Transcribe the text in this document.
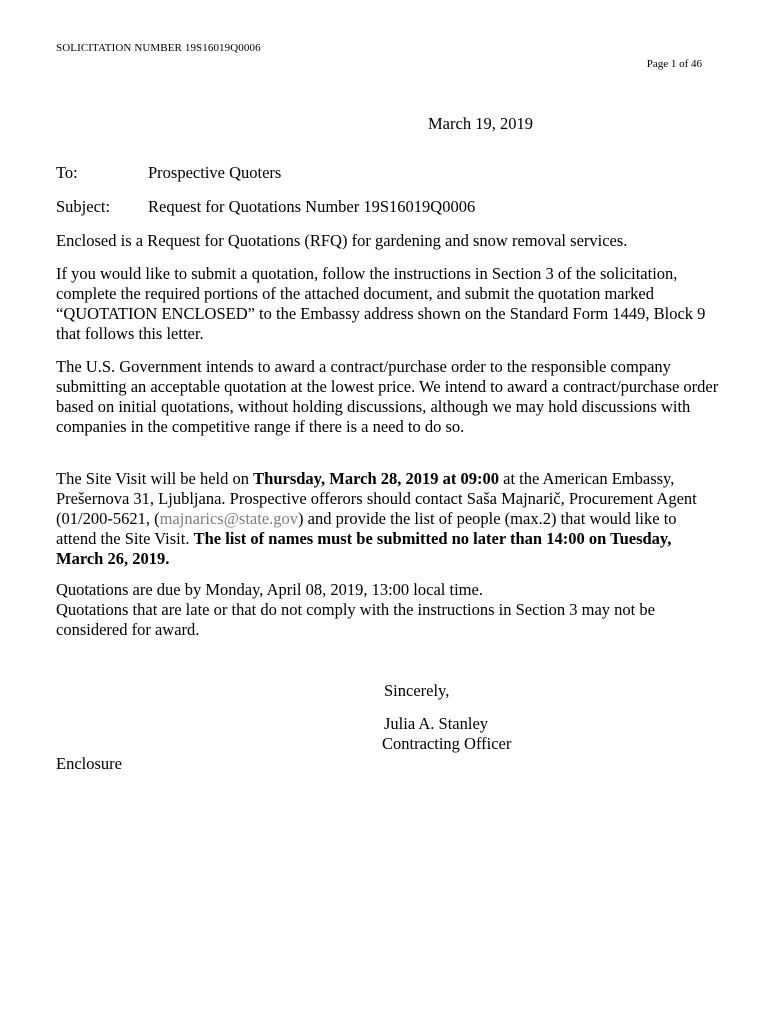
SOLICITATION NUMBER 19S16019Q0006
Page 1 of 46
March 19, 2019
To:	Prospective Quoters
Subject:	Request for Quotations Number 19S16019Q0006
Enclosed is a Request for Quotations (RFQ) for gardening and snow removal services.
If you would like to submit a quotation, follow the instructions in Section 3 of the solicitation, complete the required portions of the attached document, and submit the quotation marked “QUOTATION ENCLOSED” to the Embassy address shown on the Standard Form 1449, Block 9 that follows this letter.
The U.S. Government intends to award a contract/purchase order to the responsible company submitting an acceptable quotation at the lowest price. We intend to award a contract/purchase order based on initial quotations, without holding discussions, although we may hold discussions with companies in the competitive range if there is a need to do so.
The Site Visit will be held on Thursday, March 28, 2019 at 09:00 at the American Embassy, Prešernova 31, Ljubljana. Prospective offerors should contact Saša Majnarič, Procurement Agent (01/200-5621, (majnarics@state.gov) and provide the list of people (max.2) that would like to attend the Site Visit. The list of names must be submitted no later than 14:00 on Tuesday, March 26, 2019.
Quotations are due by Monday, April 08, 2019, 13:00 local time.
Quotations that are late or that do not comply with the instructions in Section 3 may not be considered for award.
Sincerely,
Julia A. Stanley
Contracting Officer
Enclosure
